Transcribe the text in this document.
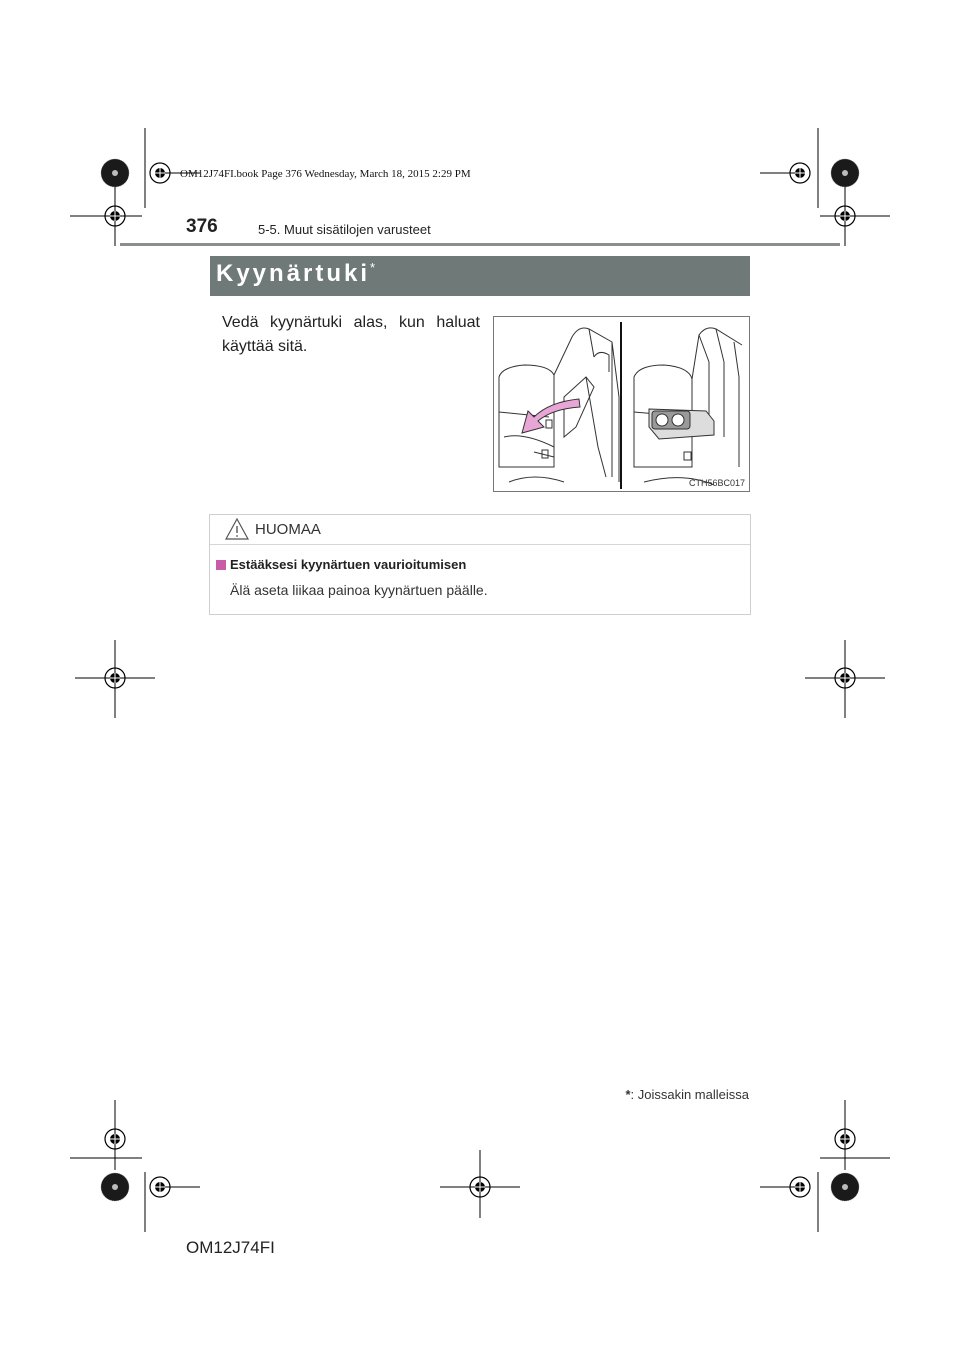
OM12J74FI.book Page 376 Wednesday, March 18, 2015 2:29 PM
376	5-5. Muut sisätilojen varusteet
Kyynärtuki*
Vedä kyynärtuki alas, kun haluat käyttää sitä.
CTH56BC017
HUOMAA
Estääksesi kyynärtuen vaurioitumisen
Älä aseta liikaa painoa kyynärtuen päälle.
*: Joissakin malleissa
OM12J74FI
